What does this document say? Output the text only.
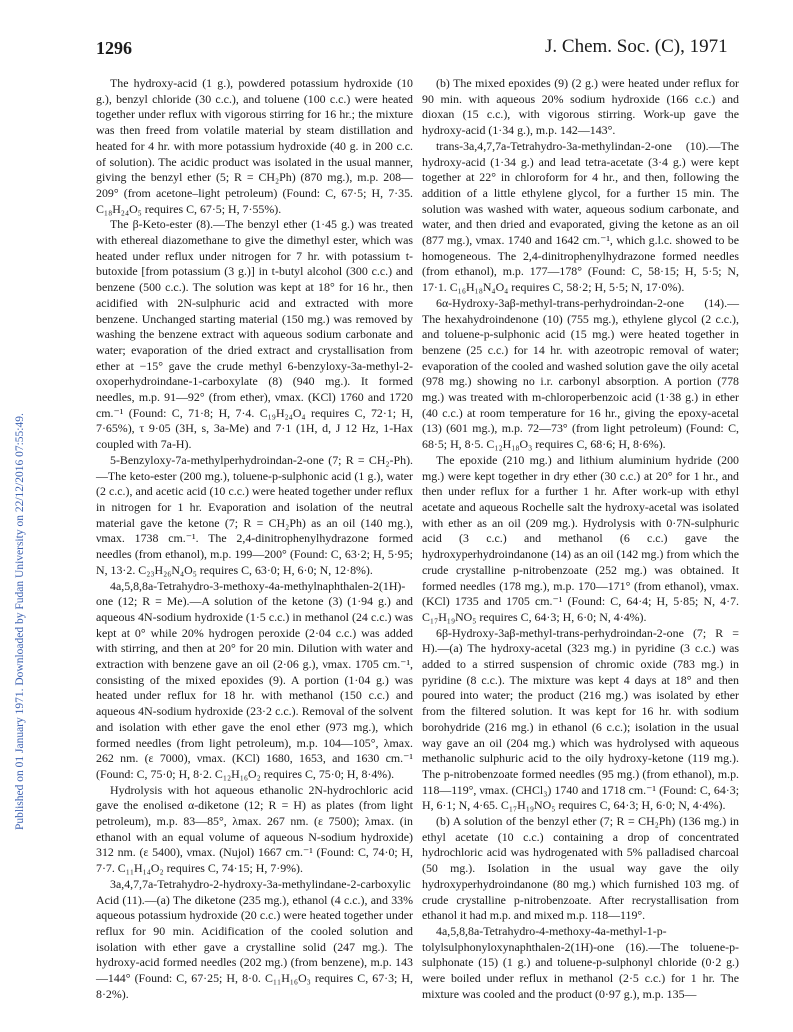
1296	J. Chem. Soc. (C), 1971
Published on 01 January 1971. Downloaded by Fudan University on 22/12/2016 07:55:49.

The hydroxy-acid (1 g.), powdered potassium hydroxide (10 g.), benzyl chloride (30 c.c.), and toluene (100 c.c.) were heated together under reflux with vigorous stirring for 16 hr.; the mixture was then freed from volatile material by steam distillation and heated for 4 hr. with more potassium hydroxide (40 g. in 200 c.c. of solution). The acidic product was isolated in the usual manner, giving the benzyl ether (5; R = CH₂Ph) (870 mg.), m.p. 208—209° (from acetone–light petroleum) (Found: C, 67·5; H, 7·35. C₁₈H₂₄O₅ requires C, 67·5; H, 7·55%).

The β-Keto-ester (8).—The benzyl ether (1·45 g.) was treated with ethereal diazomethane to give the dimethyl ester, which was heated under reflux under nitrogen for 7 hr. with potassium t-butoxide [from potassium (3 g.)] in t-butyl alcohol (300 c.c.) and benzene (500 c.c.). The solution was kept at 18° for 16 hr., then acidified with 2N-sulphuric acid and extracted with more benzene. Unchanged starting material (150 mg.) was removed by washing the benzene extract with aqueous sodium carbonate and water; evaporation of the dried extract and crystallisation from ether at −15° gave the crude methyl 6-benzyloxy-3a-methyl-2-oxoperhydroindane-1-carboxylate (8) (940 mg.). It formed needles, m.p. 91—92° (from ether), νmax. (KCl) 1760 and 1720 cm.⁻¹ (Found: C, 71·8; H, 7·4. C₁₉H₂₄O₄ requires C, 72·1; H, 7·65%), τ 9·05 (3H, s, 3a-Me) and 7·1 (1H, d, J 12 Hz, 1-Hax coupled with 7a-H).

5-Benzyloxy-7a-methylperhydroindan-2-one (7; R = CH₂-Ph).—The keto-ester (200 mg.), toluene-p-sulphonic acid (1 g.), water (2 c.c.), and acetic acid (10 c.c.) were heated together under reflux in nitrogen for 1 hr. Evaporation and isolation of the neutral material gave the ketone (7; R = CH₂Ph) as an oil (140 mg.), νmax. 1738 cm.⁻¹. The 2,4-dinitrophenylhydrazone formed needles (from ethanol), m.p. 199—200° (Found: C, 63·2; H, 5·95; N, 13·2. C₂₃H₂₆N₄O₅ requires C, 63·0; H, 6·0; N, 12·8%).

4a,5,8,8a-Tetrahydro-3-methoxy-4a-methylnaphthalen-2(1H)-one (12; R = Me).—A solution of the ketone (3) (1·94 g.) and aqueous 4N-sodium hydroxide (1·5 c.c.) in methanol (24 c.c.) was kept at 0° while 20% hydrogen peroxide (2·04 c.c.) was added with stirring, and then at 20° for 20 min. Dilution with water and extraction with benzene gave an oil (2·06 g.), νmax. 1705 cm.⁻¹, consisting of the mixed epoxides (9). A portion (1·04 g.) was heated under reflux for 18 hr. with methanol (150 c.c.) and aqueous 4N-sodium hydroxide (23·2 c.c.). Removal of the solvent and isolation with ether gave the enol ether (973 mg.), which formed needles (from light petroleum), m.p. 104—105°, λmax. 262 nm. (ε 7000), νmax. (KCl) 1680, 1653, and 1630 cm.⁻¹ (Found: C, 75·0; H, 8·2. C₁₂H₁₆O₂ requires C, 75·0; H, 8·4%).

Hydrolysis with hot aqueous ethanolic 2N-hydrochloric acid gave the enolised α-diketone (12; R = H) as plates (from light petroleum), m.p. 83—85°, λmax. 267 nm. (ε 7500); λmax. (in ethanol with an equal volume of aqueous N-sodium hydroxide) 312 nm. (ε 5400), νmax. (Nujol) 1667 cm.⁻¹ (Found: C, 74·0; H, 7·7. C₁₁H₁₄O₂ requires C, 74·15; H, 7·9%).

3a,4,7,7a-Tetrahydro-2-hydroxy-3a-methylindane-2-carboxylic Acid (11).—(a) The diketone (235 mg.), ethanol (4 c.c.), and 33% aqueous potassium hydroxide (20 c.c.) were heated together under reflux for 90 min. Acidification of the cooled solution and isolation with ether gave a crystalline solid (247 mg.). The hydroxy-acid formed needles (202 mg.) (from benzene), m.p. 143—144° (Found: C, 67·25; H, 8·0. C₁₁H₁₆O₃ requires C, 67·3; H, 8·2%).

(b) The mixed epoxides (9) (2 g.) were heated under reflux for 90 min. with aqueous 20% sodium hydroxide (166 c.c.) and dioxan (15 c.c.), with vigorous stirring. Work-up gave the hydroxy-acid (1·34 g.), m.p. 142—143°.

trans-3a,4,7,7a-Tetrahydro-3a-methylindan-2-one (10).—The hydroxy-acid (1·34 g.) and lead tetra-acetate (3·4 g.) were kept together at 22° in chloroform for 4 hr., and then, following the addition of a little ethylene glycol, for a further 15 min. The solution was washed with water, aqueous sodium carbonate, and water, and then dried and evaporated, giving the ketone as an oil (877 mg.), νmax. 1740 and 1642 cm.⁻¹, which g.l.c. showed to be homogeneous. The 2,4-dinitrophenylhydrazone formed needles (from ethanol), m.p. 177—178° (Found: C, 58·15; H, 5·5; N, 17·1. C₁₆H₁₈N₄O₄ requires C, 58·2; H, 5·5; N, 17·0%).

6α-Hydroxy-3aβ-methyl-trans-perhydroindan-2-one (14).—The hexahydroindenone (10) (755 mg.), ethylene glycol (2 c.c.), and toluene-p-sulphonic acid (15 mg.) were heated together in benzene (25 c.c.) for 14 hr. with azeotropic removal of water; evaporation of the cooled and washed solution gave the oily acetal (978 mg.) showing no i.r. carbonyl absorption. A portion (778 mg.) was treated with m-chloroperbenzoic acid (1·38 g.) in ether (40 c.c.) at room temperature for 16 hr., giving the epoxy-acetal (13) (601 mg.), m.p. 72—73° (from light petroleum) (Found: C, 68·5; H, 8·5. C₁₂H₁₈O₃ requires C, 68·6; H, 8·6%).

The epoxide (210 mg.) and lithium aluminium hydride (200 mg.) were kept together in dry ether (30 c.c.) at 20° for 1 hr., and then under reflux for a further 1 hr. After work-up with ethyl acetate and aqueous Rochelle salt the hydroxy-acetal was isolated with ether as an oil (209 mg.). Hydrolysis with 0·7N-sulphuric acid (3 c.c.) and methanol (6 c.c.) gave the hydroxyperhydroindanone (14) as an oil (142 mg.) from which the crude crystalline p-nitrobenzoate (252 mg.) was obtained. It formed needles (178 mg.), m.p. 170—171° (from ethanol), νmax. (KCl) 1735 and 1705 cm.⁻¹ (Found: C, 64·4; H, 5·85; N, 4·7. C₁₇H₁₉NO₅ requires C, 64·3; H, 6·0; N, 4·4%).

6β-Hydroxy-3aβ-methyl-trans-perhydroindan-2-one (7; R = H).—(a) The hydroxy-acetal (323 mg.) in pyridine (3 c.c.) was added to a stirred suspension of chromic oxide (783 mg.) in pyridine (8 c.c.). The mixture was kept 4 days at 18° and then poured into water; the product (216 mg.) was isolated by ether from the filtered solution. It was kept for 16 hr. with sodium borohydride (216 mg.) in ethanol (6 c.c.); isolation in the usual way gave an oil (204 mg.) which was hydrolysed with aqueous methanolic sulphuric acid to the oily hydroxy-ketone (119 mg.). The p-nitrobenzoate formed needles (95 mg.) (from ethanol), m.p. 118—119°, νmax. (CHCl₃) 1740 and 1718 cm.⁻¹ (Found: C, 64·3; H, 6·1; N, 4·65. C₁₇H₁₉NO₅ requires C, 64·3; H, 6·0; N, 4·4%).

(b) A solution of the benzyl ether (7; R = CH₂Ph) (136 mg.) in ethyl acetate (10 c.c.) containing a drop of concentrated hydrochloric acid was hydrogenated with 5% palladised charcoal (50 mg.). Isolation in the usual way gave the oily hydroxyperhydroindanone (80 mg.) which furnished 103 mg. of crude crystalline p-nitrobenzoate. After recrystallisation from ethanol it had m.p. and mixed m.p. 118—119°.

4a,5,8,8a-Tetrahydro-4-methoxy-4a-methyl-1-p-tolylsulphonyloxynaphthalen-2(1H)-one (16).—The toluene-p-sulphonate (15) (1 g.) and toluene-p-sulphonyl chloride (0·2 g.) were boiled under reflux in methanol (2·5 c.c.) for 1 hr. The mixture was cooled and the product (0·97 g.), m.p. 135—
